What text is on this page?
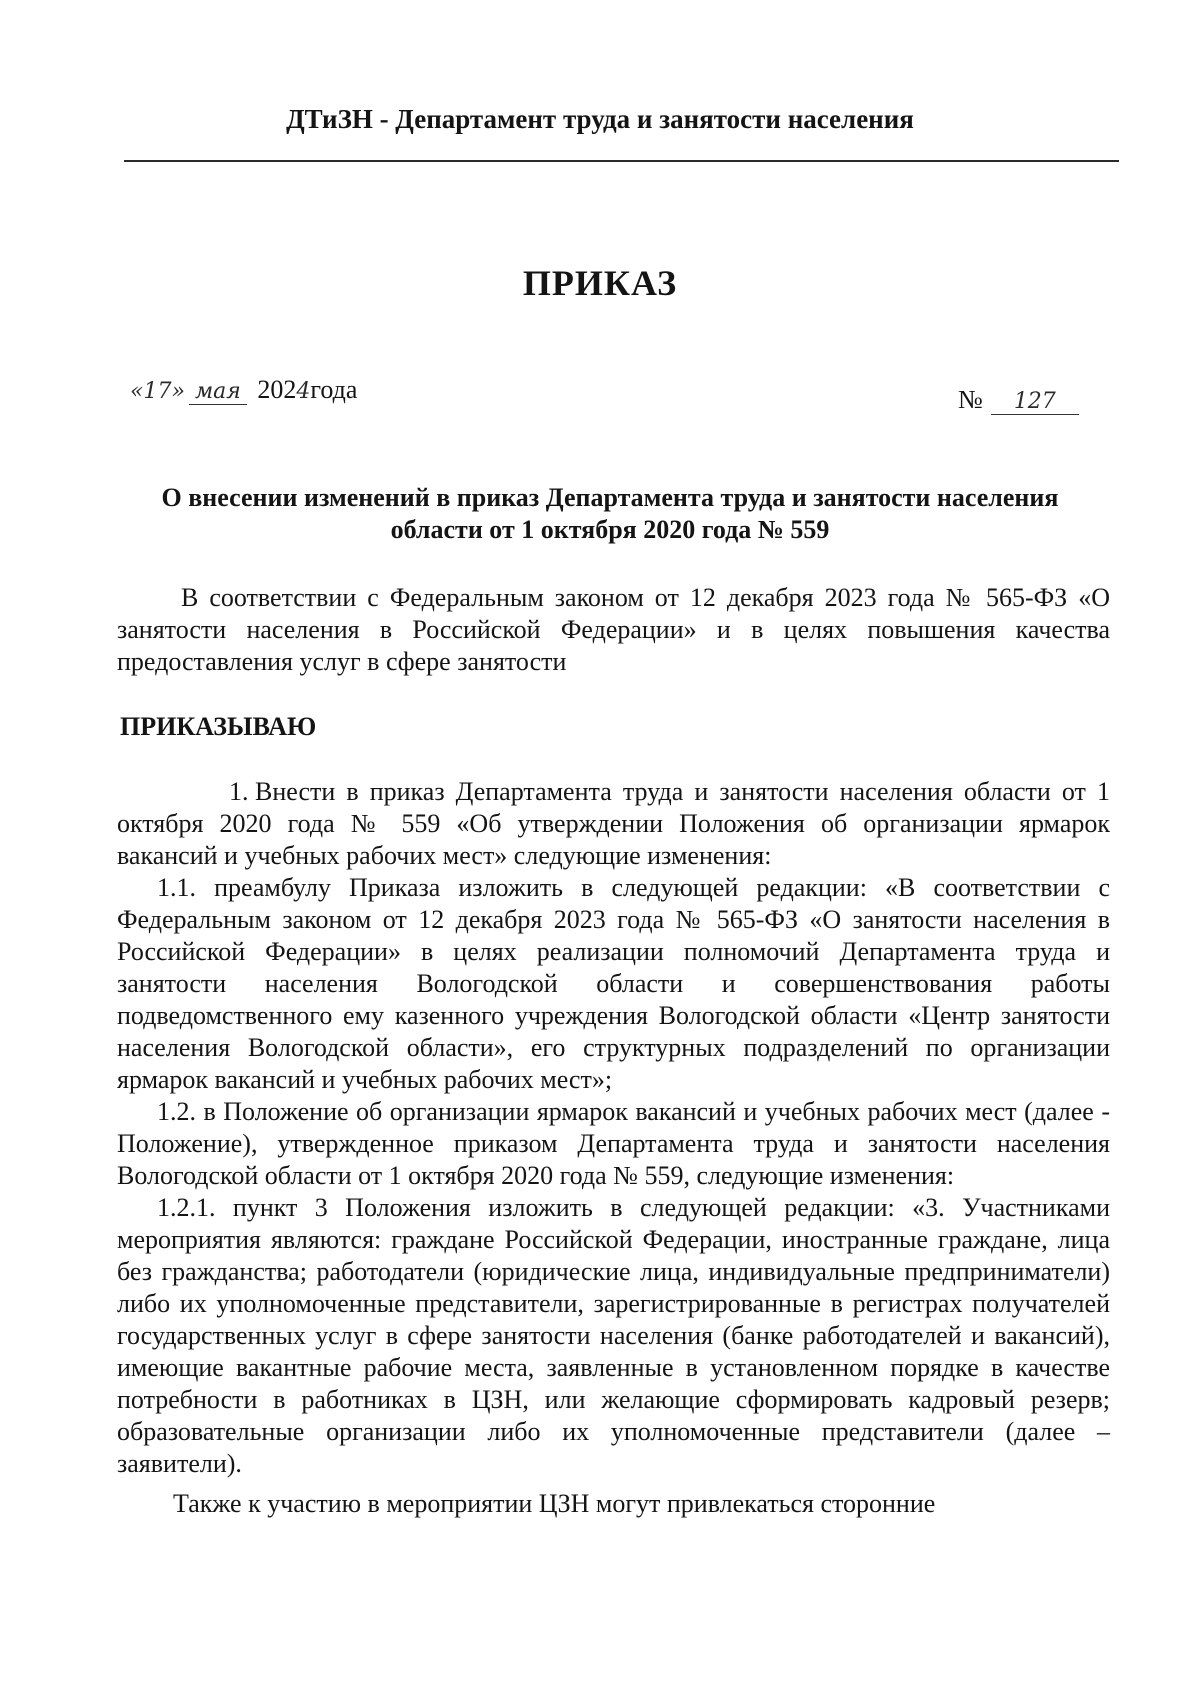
ДТиЗН - Департамент труда и занятости населения
ПРИКАЗ
«17» мая 2024года	№ 127
О внесении изменений в приказ Департамента труда и занятости населения области от 1 октября 2020 года № 559
В соответствии с Федеральным законом от 12 декабря 2023 года № 565-ФЗ «О занятости населения в Российской Федерации» и в целях повышения качества предоставления услуг в сфере занятости
ПРИКАЗЫВАЮ

1. Внести в приказ Департамента труда и занятости населения области от 1 октября 2020 года № 559 «Об утверждении Положения об организации ярмарок вакансий и учебных рабочих мест» следующие изменения:

1.1. преамбулу Приказа изложить в следующей редакции: «В соответствии с Федеральным законом от 12 декабря 2023 года № 565-ФЗ «О занятости населения в Российской Федерации» в целях реализации полномочий Департамента труда и занятости населения Вологодской области и совершенствования работы подведомственного ему казенного учреждения Вологодской области «Центр занятости населения Вологодской области», его структурных подразделений по организации ярмарок вакансий и учебных рабочих мест»;

1.2. в Положение об организации ярмарок вакансий и учебных рабочих мест (далее - Положение), утвержденное приказом Департамента труда и занятости населения Вологодской области от 1 октября 2020 года № 559, следующие изменения:

1.2.1. пункт 3 Положения изложить в следующей редакции: «3. Участниками мероприятия являются: граждане Российской Федерации, иностранные граждане, лица без гражданства; работодатели (юридические лица, индивидуальные предприниматели) либо их уполномоченные представители, зарегистрированные в регистрах получателей государственных услуг в сфере занятости населения (банке работодателей и вакансий), имеющие вакантные рабочие места, заявленные в установленном порядке в качестве потребности в работниках в ЦЗН, или желающие сформировать кадровый резерв; образовательные организации либо их уполномоченные представители (далее – заявители).

Также к участию в мероприятии ЦЗН могут привлекаться сторонние
